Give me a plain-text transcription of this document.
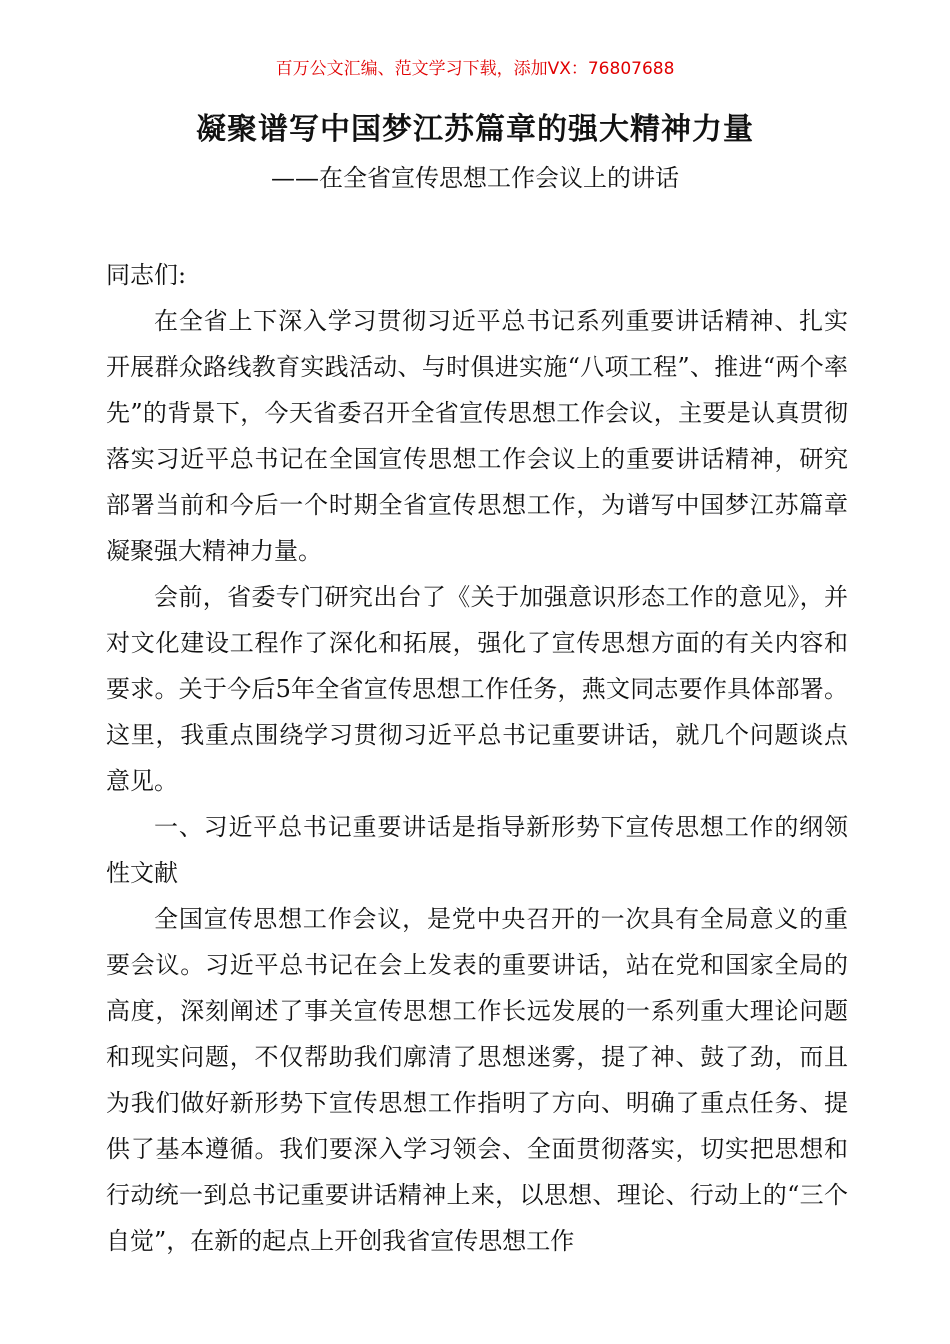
百万公文汇编、范文学习下载，添加VX：76807688
凝聚谱写中国梦江苏篇章的强大精神力量
——在全省宣传思想工作会议上的讲话

同志们:

在全省上下深入学习贯彻习近平总书记系列重要讲话精神、扎实开展群众路线教育实践活动、与时俱进实施“八项工程”、推进“两个率先”的背景下，今天省委召开全省宣传思想工作会议，主要是认真贯彻落实习近平总书记在全国宣传思想工作会议上的重要讲话精神，研究部署当前和今后一个时期全省宣传思想工作，为谱写中国梦江苏篇章凝聚强大精神力量。

会前，省委专门研究出台了《关于加强意识形态工作的意见》，并对文化建设工程作了深化和拓展，强化了宣传思想方面的有关内容和要求。关于今后5年全省宣传思想工作任务，燕文同志要作具体部署。这里，我重点围绕学习贯彻习近平总书记重要讲话，就几个问题谈点意见。

一、习近平总书记重要讲话是指导新形势下宣传思想工作的纲领性文献

全国宣传思想工作会议，是党中央召开的一次具有全局意义的重要会议。习近平总书记在会上发表的重要讲话，站在党和国家全局的高度，深刻阐述了事关宣传思想工作长远发展的一系列重大理论问题和现实问题，不仅帮助我们廓清了思想迷雾，提了神、鼓了劲，而且为我们做好新形势下宣传思想工作指明了方向、明确了重点任务、提供了基本遵循。我们要深入学习领会、全面贯彻落实，切实把思想和行动统一到总书记重要讲话精神上来，以思想、理论、行动上的“三个自觉”，在新的起点上开创我省宣传思想工作
